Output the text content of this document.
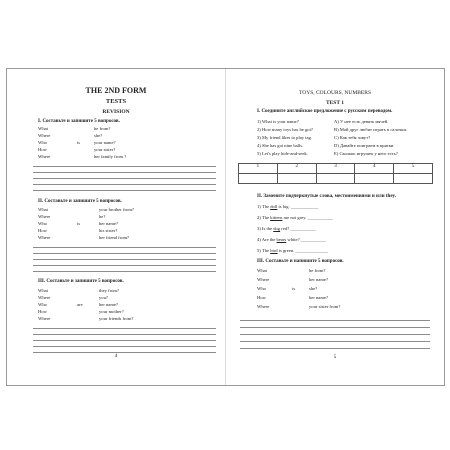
THE 2ND FORM
TESTS
REVISION
I. Составьте и запишите 5 вопросов.
What	he from?
Where	she?
Who	is	your name?
How	your sister?
Where	her family from ?
II. Составьте и запишите 5 вопросов.
What	your brother from?
Where	he?
Who	is	her name?
How	his sister?
Where	her friend from?
III. Составьте и запишите 5 вопросов.
What	they from?
Where	you?
Who	are	her name?
How	your mother?
Where	your friends from?
4
TOYS, COLOURS, NUMBERS
TEST 1
I. Соедините английское предложение с русским переводом.
1) What is your name?	A) У нее есть девять мячей.
2) How many toys has he got?	B) Мой друг любит играть в салочки.
3) My friend likes to play tag.	C) Как тебя зовут?
4) She has got nine balls.	D) Давайте поиграем в прятки.
5) Let's play hide-and-seek.	E) Сколько игрушек у него есть?
1	2	3	4	5

II. Замените подчеркнутые слова, местоимениями и или they.
1) The doll is big. ____________
2) The kittens are not grey. ___________
3) Is the dog red? ___________
4) Are the bears white? ___________
5) The bird is green. ______________
III. Составьте и напишите 5 вопросов.
What	he from?
Where	her name?
Who	is	she?
How	her name?
Where	your sister from?
5
